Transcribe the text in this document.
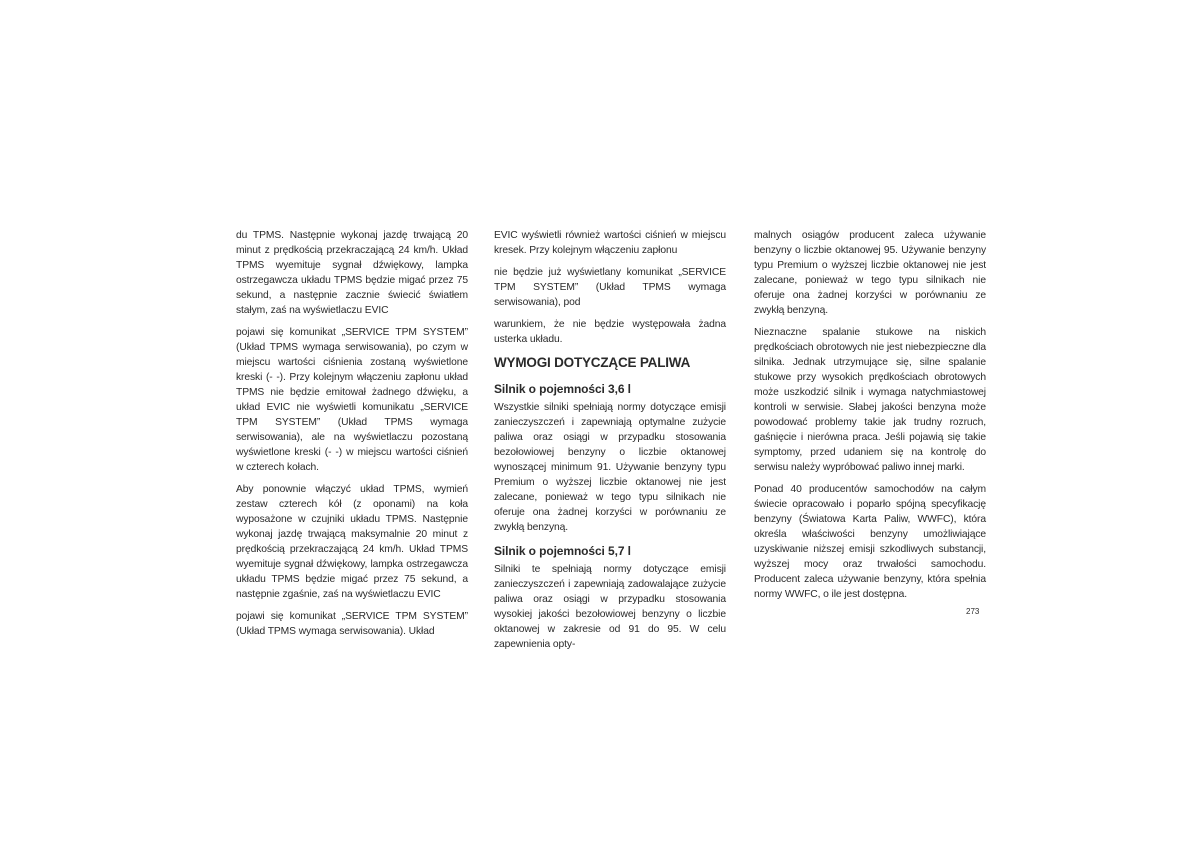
du TPMS. Następnie wykonaj jazdę trwającą 20 minut z prędkością przekraczającą 24 km/h. Układ TPMS wyemituje sygnał dźwiękowy, lampka ostrzegawcza układu TPMS będzie migać przez 75 sekund, a następnie zacznie świecić światłem stałym, zaś na wyświetlaczu EVIC

pojawi się komunikat „SERVICE TPM SYSTEM” (Układ TPMS wymaga serwisowania), po czym w miejscu wartości ciśnienia zostaną wyświetlone kreski (- -). Przy kolejnym włączeniu zapłonu układ TPMS nie będzie emitował żadnego dźwięku, a układ EVIC nie wyświetli komunikatu „SERVICE TPM SYSTEM” (Układ TPMS wymaga serwisowania), ale na wyświetlaczu pozostaną wyświetlone kreski (- -) w miejscu wartości ciśnień w czterech kołach.

Aby ponownie włączyć układ TPMS, wymień zestaw czterech kół (z oponami) na koła wyposażone w czujniki układu TPMS. Następnie wykonaj jazdę trwającą maksymalnie 20 minut z prędkością przekraczającą 24 km/h. Układ TPMS wyemituje sygnał dźwiękowy, lampka ostrzegawcza układu TPMS będzie migać przez 75 sekund, a następnie zgaśnie, zaś na wyświetlaczu EVIC

pojawi się komunikat „SERVICE TPM SYSTEM” (Układ TPMS wymaga serwisowania). Układ

EVIC wyświetli również wartości ciśnień w miejscu kresek. Przy kolejnym włączeniu zapłonu

nie będzie już wyświetlany komunikat „SERVICE TPM SYSTEM” (Układ TPMS wymaga serwisowania), pod

warunkiem, że nie będzie występowała żadna usterka układu.

WYMOGI DOTYCZĄCE PALIWA
Silnik o pojemności 3,6 l

Wszystkie silniki spełniają normy dotyczące emisji zanieczyszczeń i zapewniają optymalne zużycie paliwa oraz osiągi w przypadku stosowania bezołowiowej benzyny o liczbie oktanowej wynoszącej minimum 91. Używanie benzyny typu Premium o wyższej liczbie oktanowej nie jest zalecane, ponieważ w tego typu silnikach nie oferuje ona żadnej korzyści w porównaniu ze zwykłą benzyną.

Silnik o pojemności 5,7 l

Silniki te spełniają normy dotyczące emisji zanieczyszczeń i zapewniają zadowalające zużycie paliwa oraz osiągi w przypadku stosowania wysokiej jakości bezołowiowej benzyny o liczbie oktanowej w zakresie od 91 do 95. W celu zapewnienia opty-

malnych osiągów producent zaleca używanie benzyny o liczbie oktanowej 95. Używanie benzyny typu Premium o wyższej liczbie oktanowej nie jest zalecane, ponieważ w tego typu silnikach nie oferuje ona żadnej korzyści w porównaniu ze zwykłą benzyną.

Nieznaczne spalanie stukowe na niskich prędkościach obrotowych nie jest niebezpieczne dla silnika. Jednak utrzymujące się, silne spalanie stukowe przy wysokich prędkościach obrotowych może uszkodzić silnik i wymaga natychmiastowej kontroli w serwisie. Słabej jakości benzyna może powodować problemy takie jak trudny rozruch, gaśnięcie i nierówna praca. Jeśli pojawią się takie symptomy, przed udaniem się na kontrolę do serwisu należy wypróbować paliwo innej marki.

Ponad 40 producentów samochodów na całym świecie opracowało i poparło spójną specyfikację benzyny (Światowa Karta Paliw, WWFC), która określa właściwości benzyny umożliwiające uzyskiwanie niższej emisji szkodliwych substancji, wyższej mocy oraz trwałości samochodu. Producent zaleca używanie benzyny, która spełnia normy WWFC, o ile jest dostępna.

273
